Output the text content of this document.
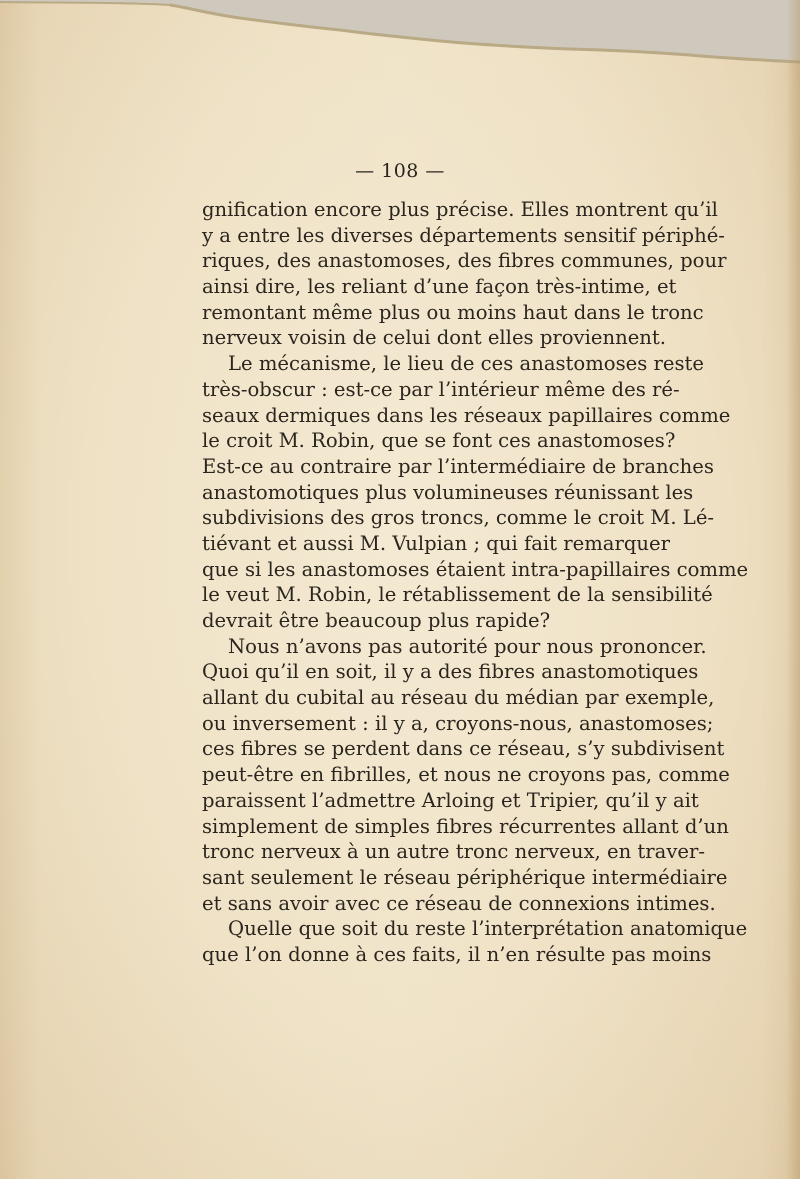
— 108 —
gnification encore plus précise. Elles montrent qu’il
y a entre les diverses départements sensitif périphé-
riques, des anastomoses, des fibres communes, pour
ainsi dire, les reliant d’une façon très-intime, et
remontant même plus ou moins haut dans le tronc
nerveux voisin de celui dont elles proviennent.
Le mécanisme, le lieu de ces anastomoses reste
très-obscur : est-ce par l’intérieur même des ré-
seaux dermiques dans les réseaux papillaires comme
le croit M. Robin, que se font ces anastomoses?
Est-ce au contraire par l’intermédiaire de branches
anastomotiques plus volumineuses réunissant les
subdivisions des gros troncs, comme le croit M. Lé-
tiévant et aussi M. Vulpian ; qui fait remarquer
que si les anastomoses étaient intra-papillaires comme
le veut M. Robin, le rétablissement de la sensibilité
devrait être beaucoup plus rapide?
Nous n’avons pas autorité pour nous prononcer.
Quoi qu’il en soit, il y a des fibres anastomotiques
allant du cubital au réseau du médian par exemple,
ou inversement : il y a, croyons-nous, anastomoses;
ces fibres se perdent dans ce réseau, s’y subdivisent
peut-être en fibrilles, et nous ne croyons pas, comme
paraissent l’admettre Arloing et Tripier, qu’il y ait
simplement de simples fibres récurrentes allant d’un
tronc nerveux à un autre tronc nerveux, en traver-
sant seulement le réseau périphérique intermédiaire
et sans avoir avec ce réseau de connexions intimes.
Quelle que soit du reste l’interprétation anatomique
que l’on donne à ces faits, il n’en résulte pas moins
